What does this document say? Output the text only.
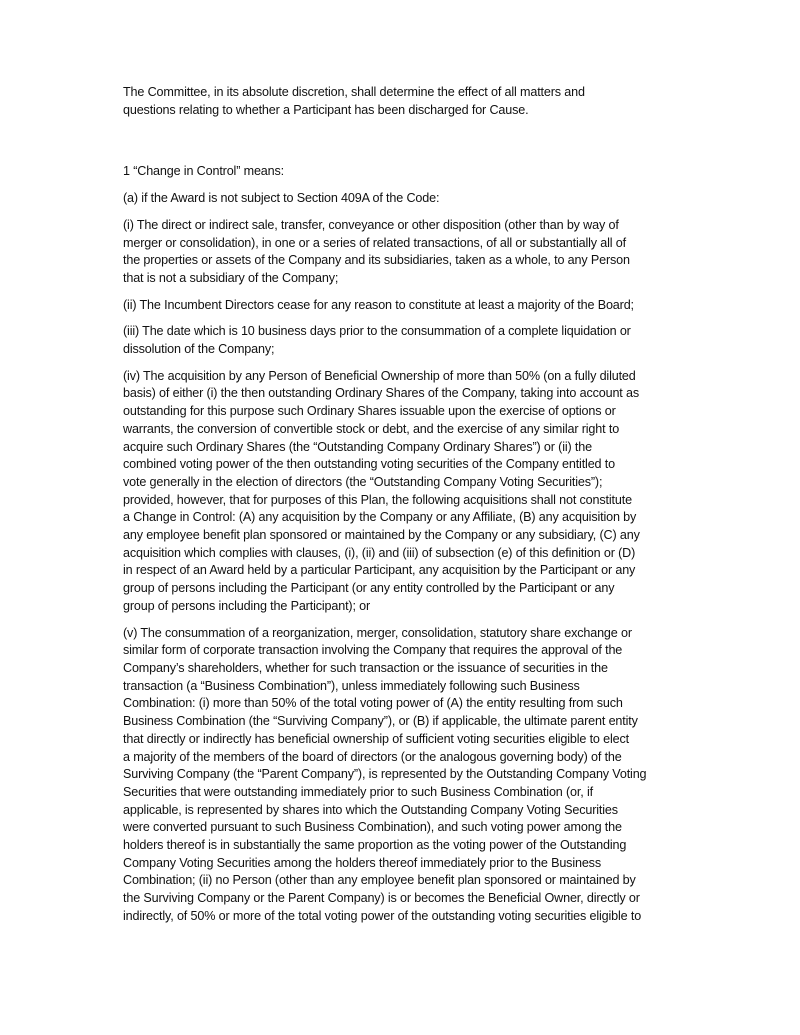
The Committee, in its absolute discretion, shall determine the effect of all matters and
questions relating to whether a Participant has been discharged for Cause.

1 “Change in Control” means:

(a) if the Award is not subject to Section 409A of the Code:

(i) The direct or indirect sale, transfer, conveyance or other disposition (other than by way of
merger or consolidation), in one or a series of related transactions, of all or substantially all of
the properties or assets of the Company and its subsidiaries, taken as a whole, to any Person
that is not a subsidiary of the Company;

(ii) The Incumbent Directors cease for any reason to constitute at least a majority of the Board;

(iii) The date which is 10 business days prior to the consummation of a complete liquidation or
dissolution of the Company;

(iv) The acquisition by any Person of Beneficial Ownership of more than 50% (on a fully diluted
basis) of either (i) the then outstanding Ordinary Shares of the Company, taking into account as
outstanding for this purpose such Ordinary Shares issuable upon the exercise of options or
warrants, the conversion of convertible stock or debt, and the exercise of any similar right to
acquire such Ordinary Shares (the “Outstanding Company Ordinary Shares”) or (ii) the
combined voting power of the then outstanding voting securities of the Company entitled to
vote generally in the election of directors (the “Outstanding Company Voting Securities”);
provided, however, that for purposes of this Plan, the following acquisitions shall not constitute
a Change in Control: (A) any acquisition by the Company or any Affiliate, (B) any acquisition by
any employee benefit plan sponsored or maintained by the Company or any subsidiary, (C) any
acquisition which complies with clauses, (i), (ii) and (iii) of subsection (e) of this definition or (D)
in respect of an Award held by a particular Participant, any acquisition by the Participant or any
group of persons including the Participant (or any entity controlled by the Participant or any
group of persons including the Participant); or

(v) The consummation of a reorganization, merger, consolidation, statutory share exchange or
similar form of corporate transaction involving the Company that requires the approval of the
Company’s shareholders, whether for such transaction or the issuance of securities in the
transaction (a “Business Combination”), unless immediately following such Business
Combination: (i) more than 50% of the total voting power of (A) the entity resulting from such
Business Combination (the “Surviving Company”), or (B) if applicable, the ultimate parent entity
that directly or indirectly has beneficial ownership of sufficient voting securities eligible to elect
a majority of the members of the board of directors (or the analogous governing body) of the
Surviving Company (the “Parent Company”), is represented by the Outstanding Company Voting
Securities that were outstanding immediately prior to such Business Combination (or, if
applicable, is represented by shares into which the Outstanding Company Voting Securities
were converted pursuant to such Business Combination), and such voting power among the
holders thereof is in substantially the same proportion as the voting power of the Outstanding
Company Voting Securities among the holders thereof immediately prior to the Business
Combination; (ii) no Person (other than any employee benefit plan sponsored or maintained by
the Surviving Company or the Parent Company) is or becomes the Beneficial Owner, directly or
indirectly, of 50% or more of the total voting power of the outstanding voting securities eligible to
